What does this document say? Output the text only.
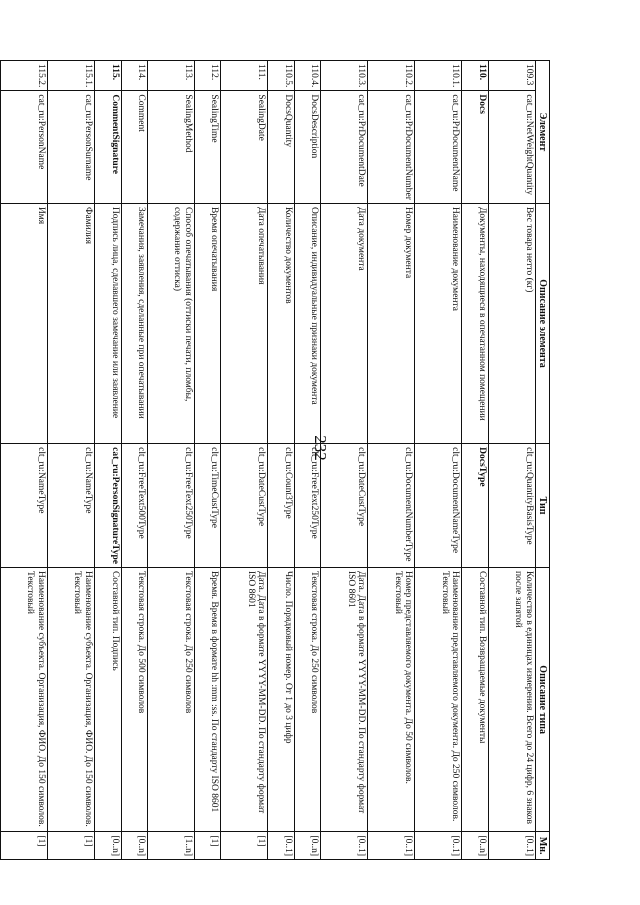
232
Элемент		Описание элемента	Тип	Описание типа	Мн.
109.3	cat_ru:NetWeightQuantity	Вес товара нетто (кг)	clt_ru:QuantityBasisType	Количество в единицах измерения. Всего до 24 цифр, 6 знаков после запятой	[0..1]
110.	Docs	Документы, находящиеся в опечатанном помещении	DocsType	Составной тип. Возвращаемые документы	[0..n]
110.1.	cat_ru:PrDocumentName	Наименование документа	clt_ru:DocumentNameType	Наименование представляемого документа. До 250 символов. Текстовый	[0..1]
110.2.	cat_ru:PrDocumentNumber	Номер документа	clt_ru:DocumentNumberType	Номер представляемого документа. До 50 символов. Текстовый	[0..1]
110.3.	cat_ru:PrDocumentDate	Дата документа	clt_ru:DateCustType	Дата. Дата в формате YYYY-MM-DD. По стандарту формат ISO 8601	[0..1]
110.4.	DocsDescription	Описание, индивидуальные признаки документа	clt_ru:FreeText250Type	Текстовая строка. До 250 символов	[0..n]
110.5.	DocsQuantity	Количество документов	clt_ru:Count3Type	Число. Порядковый номер. От 1 до 3 цифр	[0..1]
111.	SealingDate	Дата опечатывания	clt_ru:DateCustType	Дата. Дата в формате YYYY-MM-DD. По стандарту формат ISO 8601	[1]
112.	SealingTime	Время опечатывания	clt_ru:TimeCustType	Время. Время в формате hh :mm :ss. По стандарту ISO 8601	[1]
113.	SealingMethod	Способ опечатывания (оттиски печати, пломбы, содержание оттиска)	clt_ru:FreeText250Type	Текстовая строка. До 250 символов	[1..n]
114.	Comment	Замечания, заявления, сделанные при опечатывании	clt_ru:FreeText500Type	Текстовая строка. До 500 символов	[0..n]
115.	CommentSignature	Подпись лица, сделавшего замечание или заявление	cat_ru:PersonSignatureType	Составной тип. Подпись	[0..n]
115.1.	cat_ru:PersonSurname	Фамилия	clt_ru:NameType	Наименование субъекта. Организация, ФИО. До 150 символов. Текстовый	[1]
115.2.	cat_ru:PersonName	Имя	clt_ru:NameType	Наименование субъекта. Организация, ФИО. До 150 символов. Текстовый	[1]
